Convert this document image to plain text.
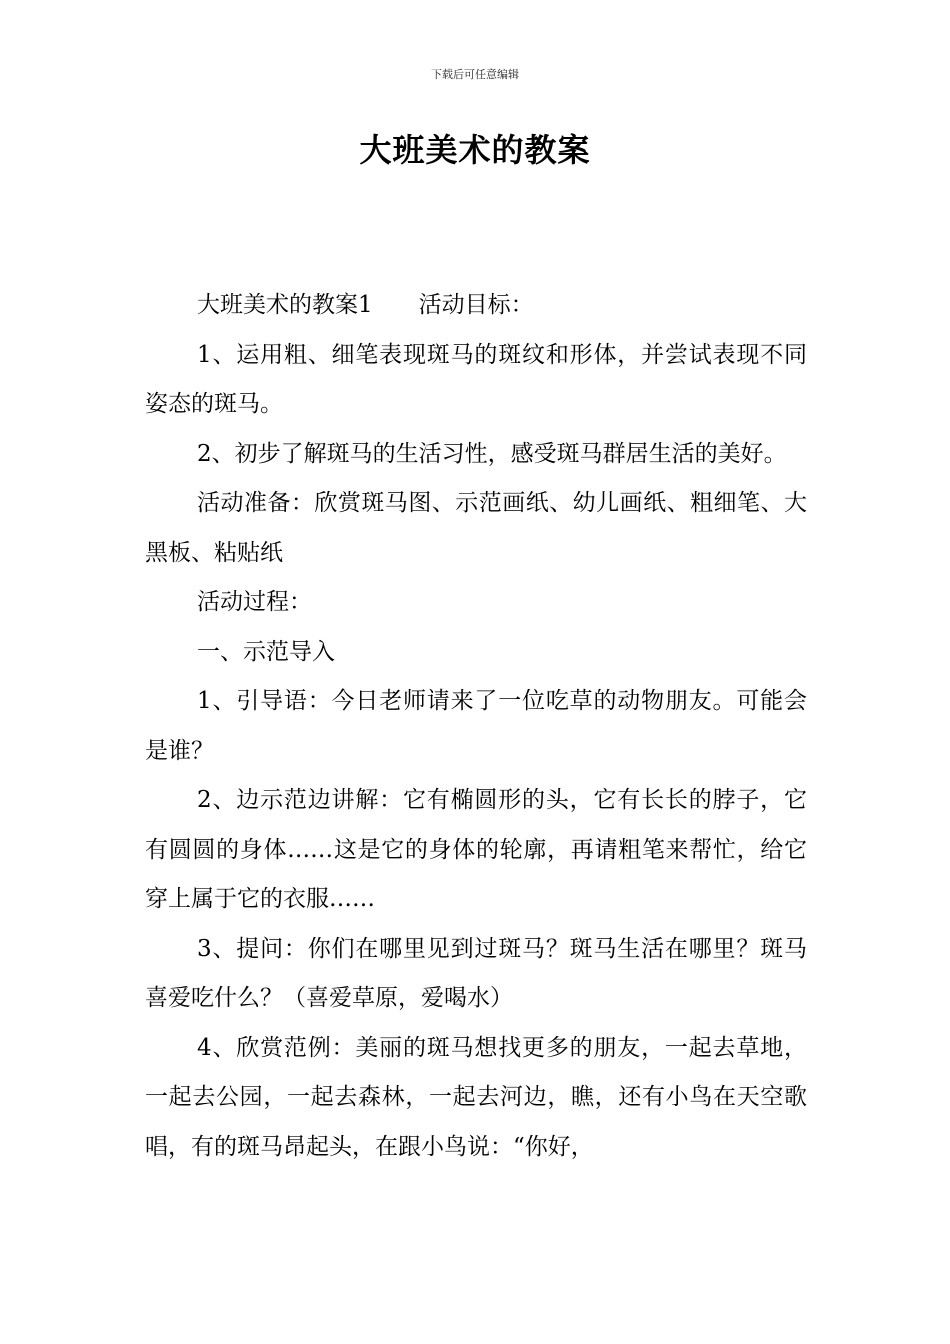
下载后可任意编辑
大班美术的教案

大班美术的教案1 活动目标：

1、运用粗、细笔表现斑马的斑纹和形体，并尝试表现不同姿态的斑马。

2、初步了解斑马的生活习性，感受斑马群居生活的美好。

活动准备：欣赏斑马图、示范画纸、幼儿画纸、粗细笔、大黑板、粘贴纸

活动过程：

一、示范导入

1、引导语：今日老师请来了一位吃草的动物朋友。可能会是谁？

2、边示范边讲解：它有椭圆形的头，它有长长的脖子，它有圆圆的身体……这是它的身体的轮廓，再请粗笔来帮忙，给它穿上属于它的衣服……

3、提问：你们在哪里见到过斑马？斑马生活在哪里？斑马喜爱吃什么？（喜爱草原，爱喝水）

4、欣赏范例：美丽的斑马想找更多的朋友，一起去草地，一起去公园，一起去森林，一起去河边，瞧，还有小鸟在天空歌唱，有的斑马昂起头，在跟小鸟说：“你好，
